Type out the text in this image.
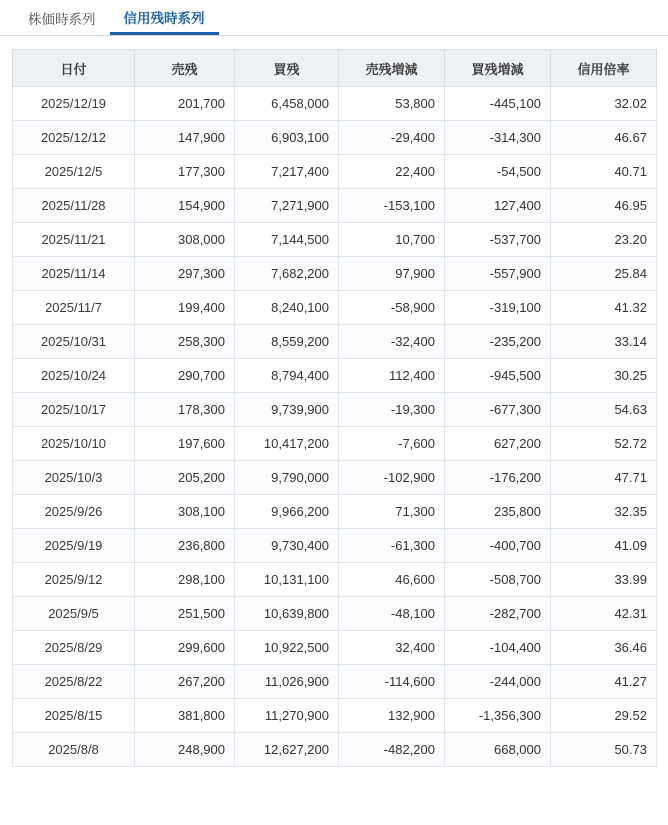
株価時系列	信用残時系列
日付	売残	買残	売残増減	買残増減	信用倍率
2025/12/19	201,700	6,458,000	53,800	-445,100	32.02
2025/12/12	147,900	6,903,100	-29,400	-314,300	46.67
2025/12/5	177,300	7,217,400	22,400	-54,500	40.71
2025/11/28	154,900	7,271,900	-153,100	127,400	46.95
2025/11/21	308,000	7,144,500	10,700	-537,700	23.20
2025/11/14	297,300	7,682,200	97,900	-557,900	25.84
2025/11/7	199,400	8,240,100	-58,900	-319,100	41.32
2025/10/31	258,300	8,559,200	-32,400	-235,200	33.14
2025/10/24	290,700	8,794,400	112,400	-945,500	30.25
2025/10/17	178,300	9,739,900	-19,300	-677,300	54.63
2025/10/10	197,600	10,417,200	-7,600	627,200	52.72
2025/10/3	205,200	9,790,000	-102,900	-176,200	47.71
2025/9/26	308,100	9,966,200	71,300	235,800	32.35
2025/9/19	236,800	9,730,400	-61,300	-400,700	41.09
2025/9/12	298,100	10,131,100	46,600	-508,700	33.99
2025/9/5	251,500	10,639,800	-48,100	-282,700	42.31
2025/8/29	299,600	10,922,500	32,400	-104,400	36.46
2025/8/22	267,200	11,026,900	-114,600	-244,000	41.27
2025/8/15	381,800	11,270,900	132,900	-1,356,300	29.52
2025/8/8	248,900	12,627,200	-482,200	668,000	50.73
